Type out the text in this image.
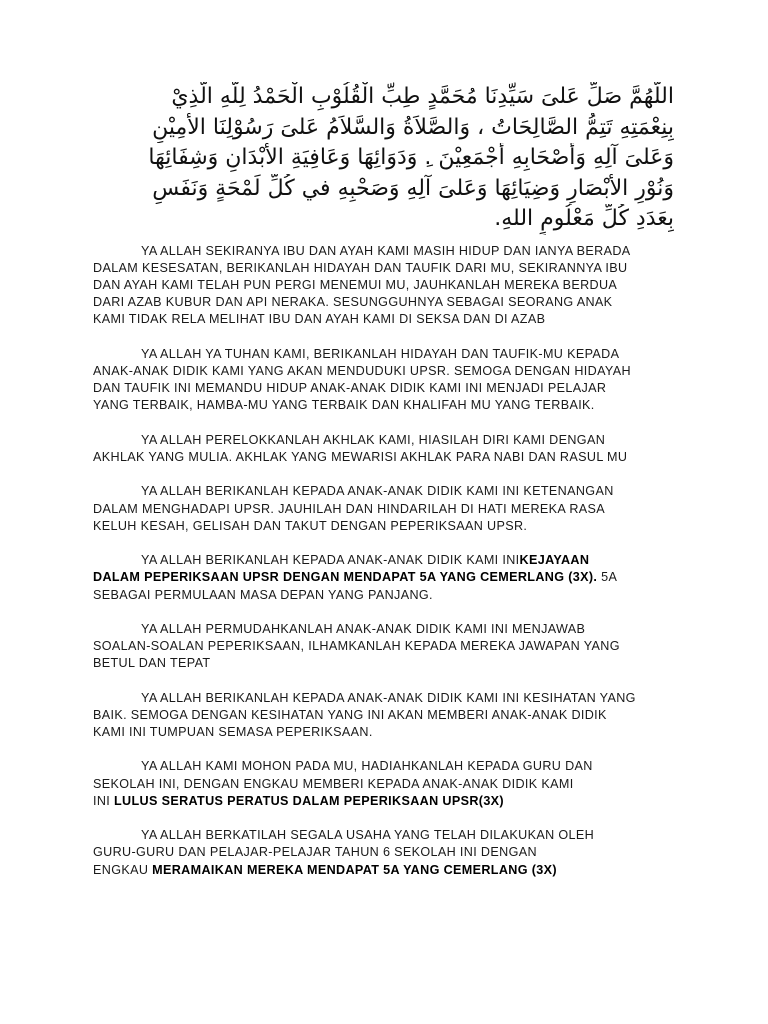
اللَّهُمَّ صَلِّ عَلىَ سَيِّدِنَا مُحَمَّدٍ طِبِّ الْقُلُوْبِ الْحَمْدُ لِلَّهِ الَّذِيْ
بِنِعْمَتِهِ تَتِمُّ الصَّالِحَاتُ ، وَالصَّلاَةُ وَالسَّلاَمُ عَلىَ رَسُوْلِنَا الأَمِيْنِ
وَعَلىَ آلِهِ وَأَصْحَابِهِ أَجْمَعِيْنَ .ِ وَدَوَائِهَا وَعَافِيَةِ الأَبْدَانِ وَشِفَائِهَا
وَنُوْرِ الأَبْصَارِ وَضِيَائِهَا وَعَلىَ آلِهِ وَصَحْبِهِ في كُلِّ لَمْحَةٍ وَنَفَسٍ
بِعَدَدِ كُلِّ مَعْلُومٍ اللهِ.
YA ALLAH SEKIRANYA IBU DAN AYAH KAMI MASIH HIDUP DAN IANYA BERADA
DALAM KESESATAN, BERIKANLAH HIDAYAH DAN TAUFIK DARI MU, SEKIRANNYA IBU
DAN AYAH KAMI TELAH PUN PERGI MENEMUI MU, JAUHKANLAH MEREKA BERDUA
DARI AZAB KUBUR DAN API NERAKA. SESUNGGUHNYA SEBAGAI SEORANG ANAK
KAMI TIDAK RELA MELIHAT IBU DAN AYAH KAMI DI SEKSA DAN DI AZAB
YA ALLAH YA TUHAN KAMI, BERIKANLAH HIDAYAH DAN TAUFIK-MU KEPADA
ANAK-ANAK DIDIK KAMI YANG AKAN MENDUDUKI UPSR. SEMOGA DENGAN HIDAYAH
DAN TAUFIK INI MEMANDU HIDUP ANAK-ANAK DIDIK KAMI INI MENJADI PELAJAR
YANG TERBAIK, HAMBA-MU YANG TERBAIK DAN KHALIFAH MU YANG TERBAIK.
YA ALLAH PERELOKKANLAH AKHLAK KAMI, HIASILAH DIRI KAMI DENGAN
AKHLAK YANG MULIA. AKHLAK YANG MEWARISI AKHLAK PARA NABI DAN RASUL MU
YA ALLAH BERIKANLAH KEPADA ANAK-ANAK DIDIK KAMI INI KETENANGAN
DALAM MENGHADAPI UPSR. JAUHILAH DAN HINDARILAH DI HATI MEREKA RASA
KELUH KESAH, GELISAH DAN TAKUT DENGAN PEPERIKSAAN UPSR.
YA ALLAH BERIKANLAH KEPADA ANAK-ANAK DIDIK KAMI INIKEJAYAAN
DALAM PEPERIKSAAN UPSR DENGAN MENDAPAT 5A YANG CEMERLANG (3X). 5A
SEBAGAI PERMULAAN MASA DEPAN YANG PANJANG.
YA ALLAH PERMUDAHKANLAH ANAK-ANAK DIDIK KAMI INI MENJAWAB
SOALAN-SOALAN PEPERIKSAAN, ILHAMKANLAH KEPADA MEREKA JAWAPAN YANG
BETUL DAN TEPAT
YA ALLAH BERIKANLAH KEPADA ANAK-ANAK DIDIK KAMI INI KESIHATAN YANG
BAIK. SEMOGA DENGAN KESIHATAN YANG INI AKAN MEMBERI ANAK-ANAK DIDIK
KAMI INI TUMPUAN SEMASA PEPERIKSAAN.
YA ALLAH KAMI MOHON PADA MU, HADIAHKANLAH KEPADA GURU DAN
SEKOLAH INI, DENGAN ENGKAU MEMBERI KEPADA ANAK-ANAK DIDIK KAMI
INI LULUS SERATUS PERATUS DALAM PEPERIKSAAN UPSR(3X)
YA ALLAH BERKATILAH SEGALA USAHA YANG TELAH DILAKUKAN OLEH
GURU-GURU DAN PELAJAR-PELAJAR TAHUN 6 SEKOLAH INI DENGAN
ENGKAU MERAMAIKAN MEREKA MENDAPAT 5A YANG CEMERLANG (3X)
